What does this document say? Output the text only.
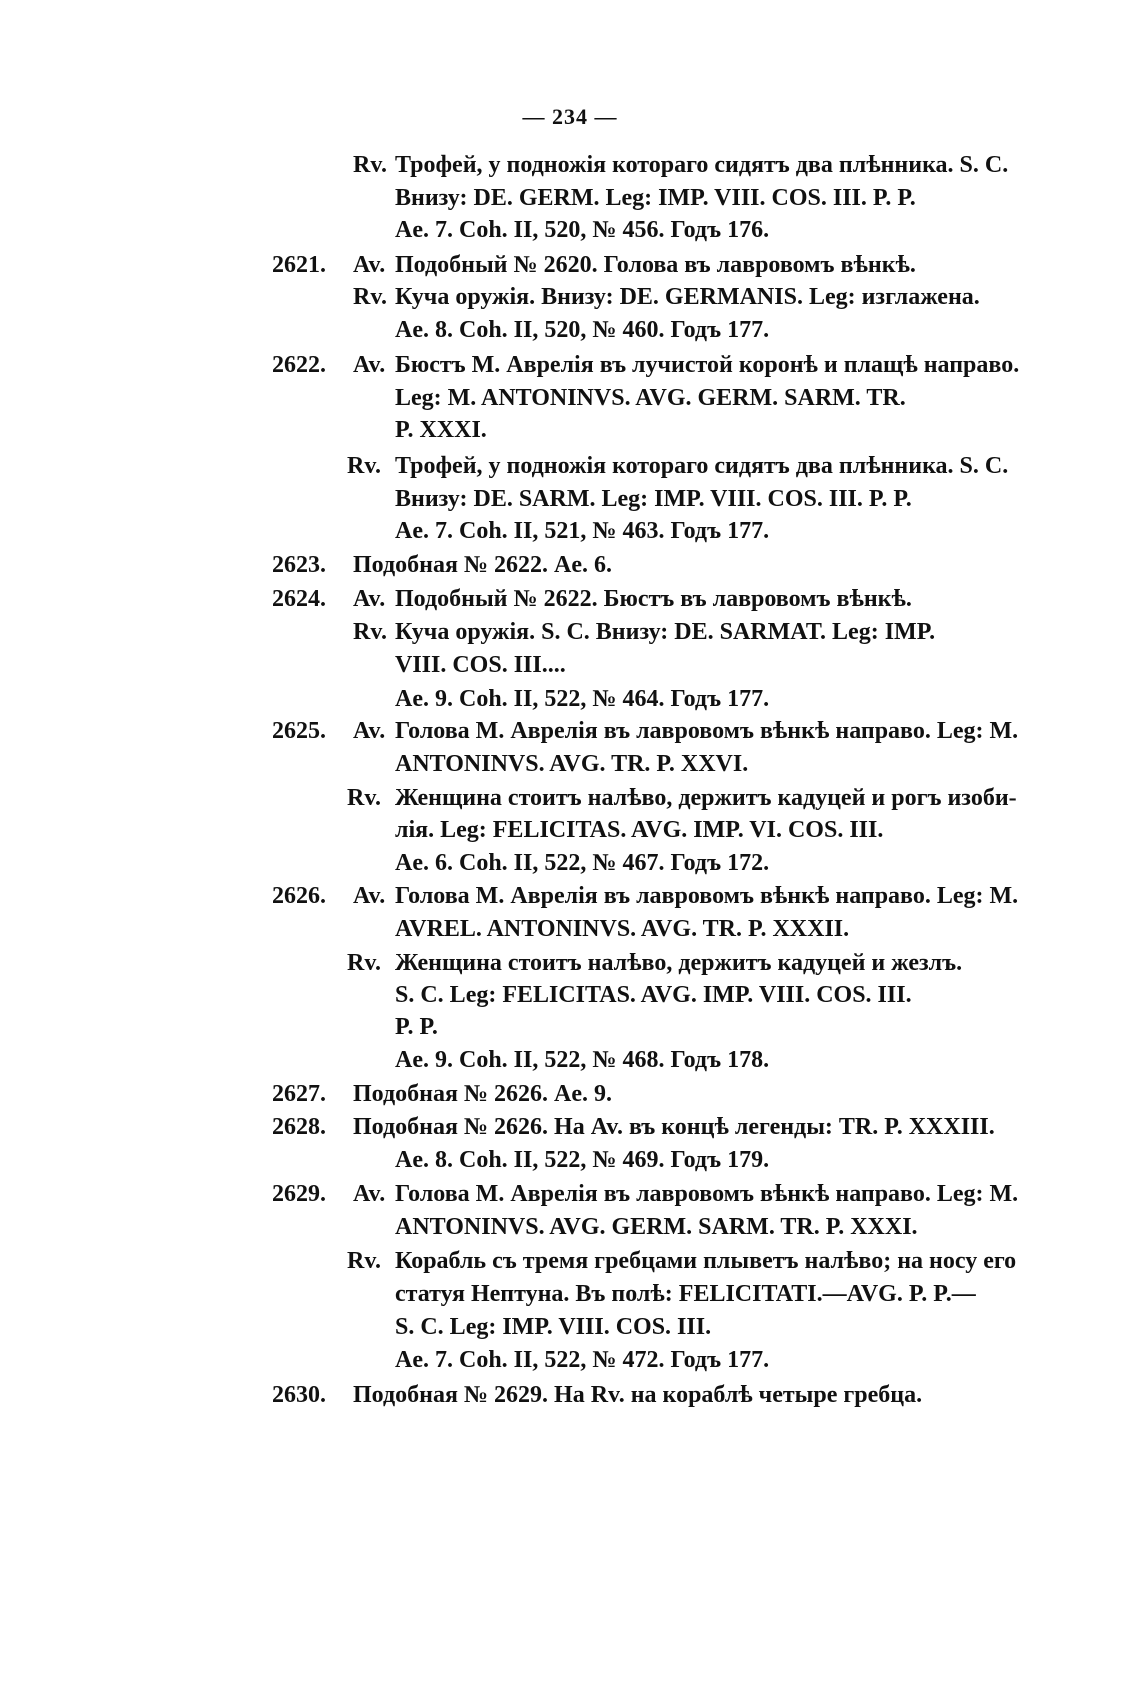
— 234 —
Rv. Трофей, у подножія котораго сидятъ два плѣнника. S. C.
Внизу: DE. GERM. Leg: IMP. VIII. COS. III. P. P.
Ae. 7. Coh. II, 520, № 456. Годъ 176.
2621. Av. Подобный № 2620. Голова въ лавровомъ вѣнкѣ.
Rv. Куча оружія. Внизу: DE. GERMANIS. Leg: изглажена.
Ae. 8. Coh. II, 520, № 460. Годъ 177.
2622. Av. Бюстъ М. Аврелія въ лучистой коронѣ и плащѣ направо.
Leg: M. ANTONINVS. AVG. GERM. SARM. TR.
P. XXXI.
Rv. Трофей, у подножія котораго сидятъ два плѣнника. S. C.
Внизу: DE. SARM. Leg: IMP. VIII. COS. III. P. P.
Ae. 7. Coh. II, 521, № 463. Годъ 177.
2623. Подобная № 2622. Ae. 6.
2624. Av. Подобный № 2622. Бюстъ въ лавровомъ вѣнкѣ.
Rv. Куча оружія. S. C. Внизу: DE. SARMAT. Leg: IMP.
VIII. COS. III....
Ae. 9. Coh. II, 522, № 464. Годъ 177.
2625. Av. Голова М. Аврелія въ лавровомъ вѣнкѣ направо. Leg: M.
ANTONINVS. AVG. TR. P. XXVI.
Rv. Женщина стоитъ налѣво, держитъ кадуцей и рогъ изоби-
лія. Leg: FELICITAS. AVG. IMP. VI. COS. III.
Ae. 6. Coh. II, 522, № 467. Годъ 172.
2626. Av. Голова М. Аврелія въ лавровомъ вѣнкѣ направо. Leg: M.
AVREL. ANTONINVS. AVG. TR. P. XXXII.
Rv. Женщина стоитъ налѣво, держитъ кадуцей и жезлъ.
S. C. Leg: FELICITAS. AVG. IMP. VIII. COS. III.
P. P.
Ae. 9. Coh. II, 522, № 468. Годъ 178.
2627. Подобная № 2626. Ae. 9.
2628. Подобная № 2626. На Av. въ концѣ легенды: TR. P. XXXIII.
Ae. 8. Coh. II, 522, № 469. Годъ 179.
2629. Av. Голова М. Аврелія въ лавровомъ вѣнкѣ направо. Leg: M.
ANTONINVS. AVG. GERM. SARM. TR. P. XXXI.
Rv. Корабль съ тремя гребцами плыветъ налѣво; на носу его
статуя Нептуна. Въ полѣ: FELICITATI.—AVG. P. P.—
S. C. Leg: IMP. VIII. COS. III.
Ae. 7. Coh. II, 522, № 472. Годъ 177.
2630. Подобная № 2629. На Rv. на кораблѣ четыре гребца.
